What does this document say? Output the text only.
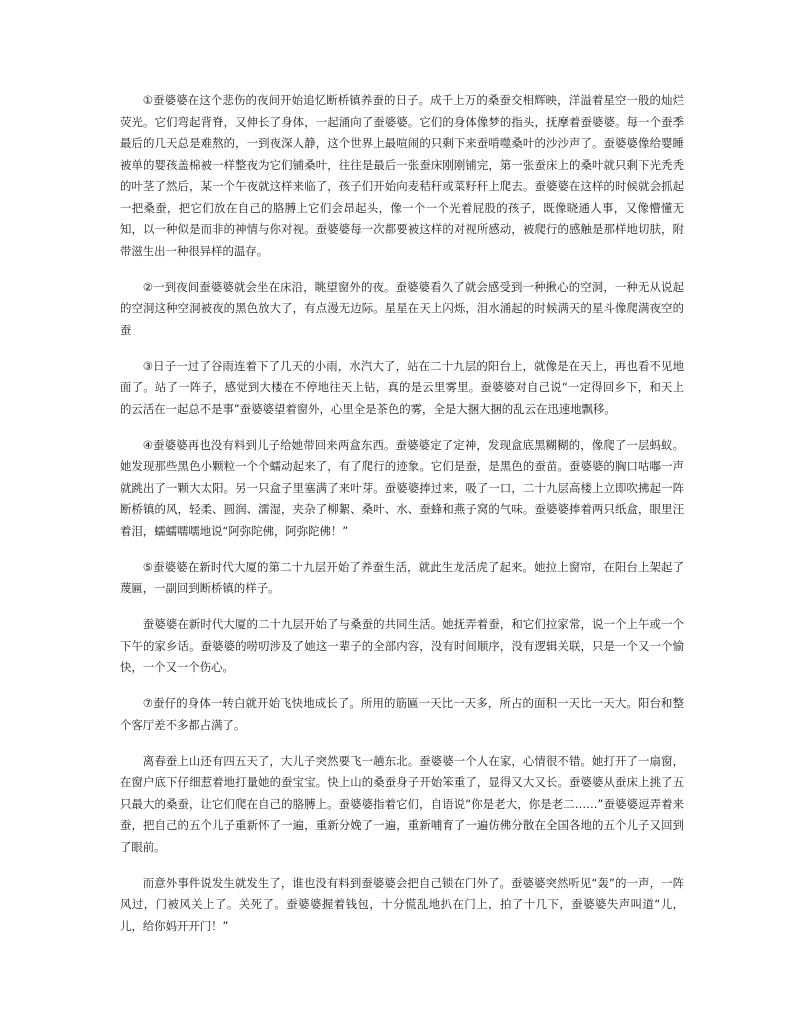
①蚕婆婆在这个悲伤的夜间开始追忆断桥镇养蚕的日子。成千上万的桑蚕交相辉映，洋溢着星空一般的灿烂荧光。它们弯起背脊，又伸长了身体，一起涌向了蚕婆婆。它们的身体像梦的指头，抚摩着蚕婆婆。每一个蚕季最后的几天总是难熬的，一到夜深人静，这个世界上最喧闹的只剩下来蚕啃噬桑叶的沙沙声了。蚕婆婆像给婴睡被单的婴孩盖棉被一样整夜为它们铺桑叶，往往是最后一张蚕床刚刚铺完，第一张蚕床上的桑叶就只剩下光秃秃的叶茎了然后，某一个午夜就这样来临了，孩子们开始向麦秸秆或菜籽秆上爬去。蚕婆婆在这样的时候就会抓起一把桑蚕，把它们放在自己的胳膊上它们会昂起头，像一个一个光着屁股的孩子，既像晓通人事，又像懵懂无知，以一种似是而非的神情与你对视。蚕婆婆每一次都要被这样的对视所感动，被爬行的感触是那样地切肤，附带滋生出一种很异样的温存。

②一到夜间蚕婆婆就会坐在床沿，眺望窗外的夜。蚕婆婆看久了就会感受到一种揪心的空洞，一种无从说起的空洞这种空洞被夜的黑色放大了，有点漫无边际。星星在天上闪烁，泪水涌起的时候满天的星斗像爬满夜空的蚕

③日子一过了谷雨连着下了几天的小雨，水汽大了，站在二十九层的阳台上，就像是在天上，再也看不见地面了。站了一阵子，感觉到大楼在不停地往天上钻，真的是云里雾里。蚕婆婆对自己说“一定得回乡下，和天上的云活在一起总不是事”蚕婆婆望着窗外，心里全是茶色的雾，全是大捆大捆的乱云在迅速地飘移。

④蚕婆婆再也没有料到儿子给她带回来两盒东西。蚕婆婆定了定神，发现盒底黑糊糊的，像爬了一层蚂蚁。她发现那些黑色小颗粒一个个蠕动起来了，有了爬行的迹象。它们是蚕，是黑色的蚕苗。蚕婆婆的胸口咕嘟一声就跳出了一颗大太阳。另一只盒子里塞满了来叶芽。蚕婆婆捧过来，吸了一口，二十九层高楼上立即吹拂起一阵断桥镇的风，轻柔、圆润、濡湿，夹杂了柳絮、桑叶、水、蚕蜂和燕子窝的气味。蚕婆婆捧着两只纸盒，眼里汪着泪，蠕蠕嚅嚅地说“阿弥陀佛，阿弥陀佛！”

⑤蚕婆婆在新时代大厦的第二十九层开始了养蚕生活，就此生龙活虎了起来。她拉上窗帘，在阳台上架起了蔑匾，一副回到断桥镇的样子。

蚕婆婆在新时代大厦的二十九层开始了与桑蚕的共同生活。她抚弄着蚕，和它们拉家常，说一个上午或一个下午的家乡话。蚕婆婆的唠叨涉及了她这一辈子的全部内容，没有时间顺序，没有逻辑关联，只是一个又一个愉快，一个又一个伤心。

⑦蚕仔的身体一转白就开始飞快地成长了。所用的筋匾一天比一天多，所占的面积一天比一天大。阳台和整个客厅差不多都占满了。

离春蚕上山还有四五天了，大儿子突然要飞一趟东北。蚕婆婆一个人在家，心情很不错。她打开了一扇窗，在窗户底下仔细惹着地打量她的蚕宝宝。快上山的桑蚕身子开始笨重了，显得又大又长。蚕婆婆从蚕床上挑了五只最大的桑蚕，让它们爬在自己的胳膊上。蚕婆婆指着它们，自语说“你是老大，你是老二……”蚕婆婆逗弄着来蚕，把自己的五个儿子重新怀了一遍，重新分娩了一遍，重新哺育了一遍仿佛分散在全国各地的五个儿子又回到了眼前。

而意外事件说发生就发生了，谁也没有料到蚕婆婆会把自己锁在门外了。蚕婆婆突然听见“轰”的一声，一阵风过，门被风关上了。关死了。蚕婆婆握着钱包，十分慌乱地扒在门上，拍了十几下，蚕婆婆失声叫道“儿，儿，给你妈开开门！”
